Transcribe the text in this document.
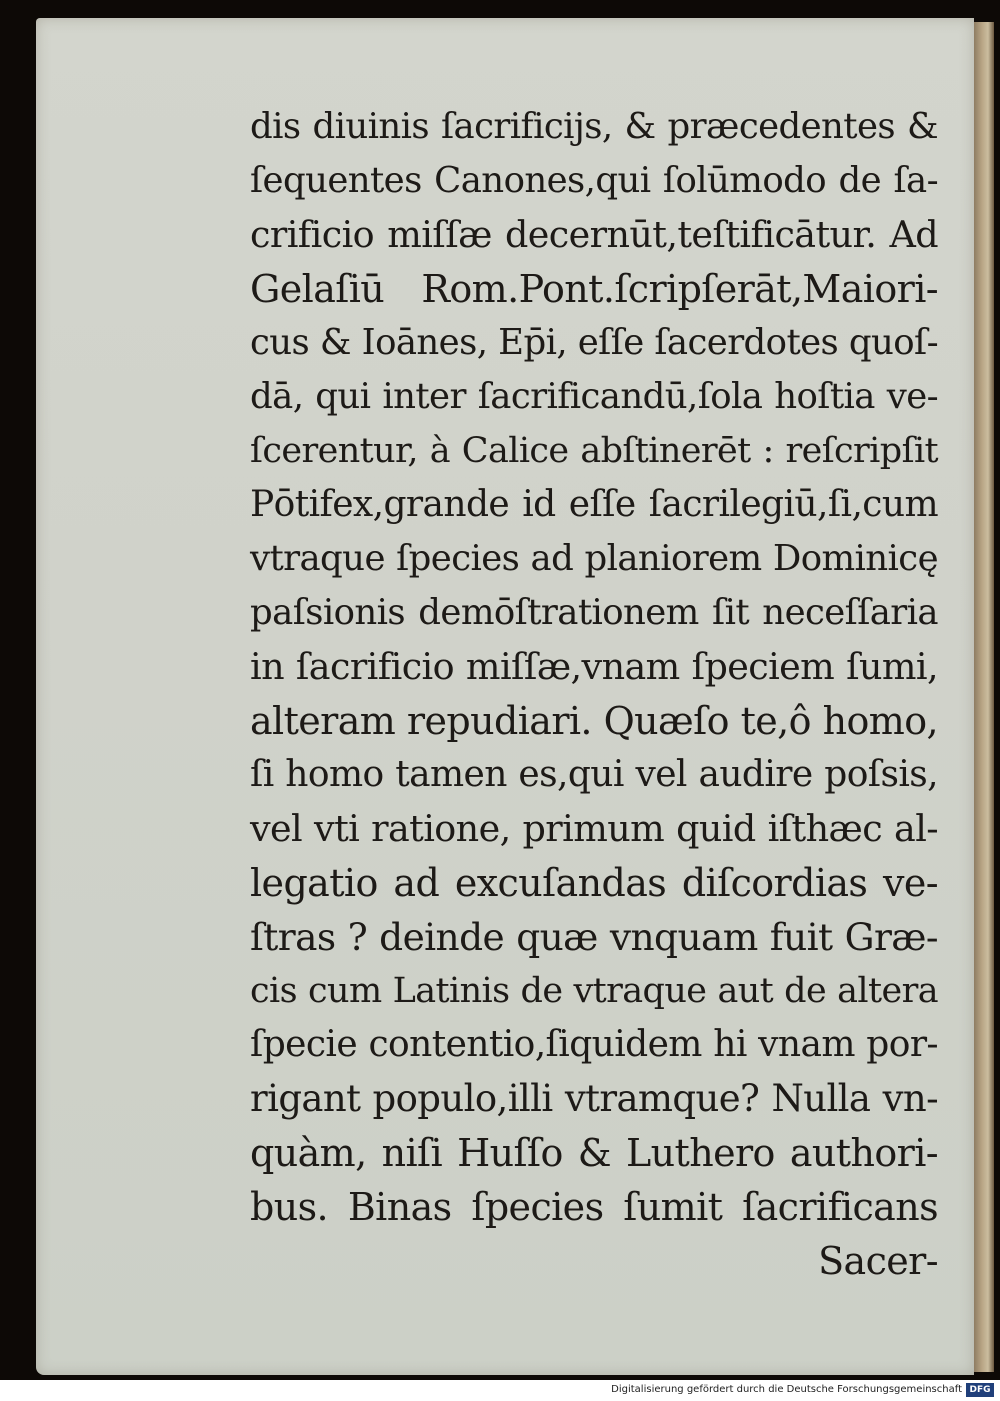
dis diuinis ſacrificijs, & præcedentes &
ſequentes Canones,qui ſolūmodo de ſa-
crificio miſſæ decernūt,teſtificātur. Ad
Gelaſiū Rom.Pont.ſcripſerāt,Maiori-
cus & Ioānes, Ep̄i, eſſe ſacerdotes quoſ-
dā, qui inter ſacrificandū,ſola hoſtia ve-
ſcerentur, à Calice abſtinerēt : reſcripſit
Pōtifex,grande id eſſe ſacrilegiū,ſi,cum
vtraque ſpecies ad planiorem Dominicę
paſsionis demōſtrationem ſit neceſſaria
in ſacrificio miſſæ,vnam ſpeciem ſumi,
alteram repudiari. Quæſo te,ô homo,
ſi homo tamen es,qui vel audire poſsis,
vel vti ratione, primum quid iſthæc al-
legatio ad excuſandas diſcordias ve-
ſtras ? deinde quæ vnquam fuit Græ-
cis cum Latinis de vtraque aut de altera
ſpecie contentio,ſiquidem hi vnam por-
rigant populo,illi vtramque? Nulla vn-
quàm, niſi Huſſo & Luthero authori-
bus. Binas ſpecies ſumit ſacrificans
Sacer-
Digitalisierung gefördert durch die Deutsche Forschungsgemeinschaft DFG
